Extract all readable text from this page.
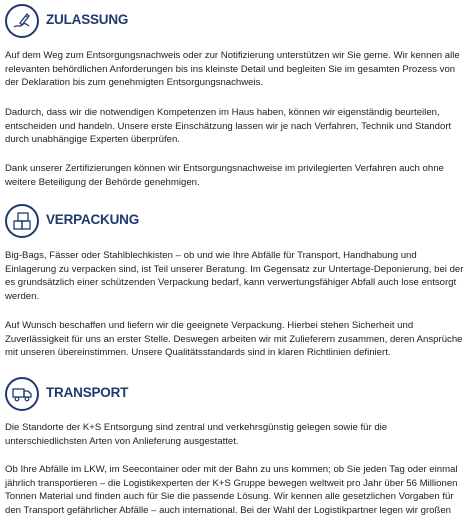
ZULASSUNG

Auf dem Weg zum Entsorgungsnachweis oder zur Notifizierung unterstützen wir Sie gerne. Wir kennen alle relevanten behördlichen Anforderungen bis ins kleinste Detail und begleiten Sie im gesamten Prozess von der Deklaration bis zum genehmigten Entsorgungsnachweis.

Dadurch, dass wir die notwendigen Kompetenzen im Haus haben, können wir eigenständig beurteilen, entscheiden und handeln. Unsere erste Einschätzung lassen wir je nach Verfahren, Technik und Standort durch unabhängige Experten überprüfen.

Dank unserer Zertifizierungen können wir Entsorgungsnachweise im privilegierten Verfahren auch ohne weitere Beteiligung der Behörde genehmigen.

VERPACKUNG

Big-Bags, Fässer oder Stahlblechkisten – ob und wie Ihre Abfälle für Transport, Handhabung und Einlagerung zu verpacken sind, ist Teil unserer Beratung. Im Gegensatz zur Untertage-Deponierung, bei der es grundsätzlich einer schützenden Verpackung bedarf, kann verwertungsfähiger Abfall auch lose entsorgt werden.

Auf Wunsch beschaffen und liefern wir die geeignete Verpackung. Hierbei stehen Sicherheit und Zuverlässigkeit für uns an erster Stelle. Deswegen arbeiten wir mit Zulieferern zusammen, deren Ansprüche mit unseren übereinstimmen. Unsere Qualitätsstandards sind in klaren Richtlinien definiert.

TRANSPORT

Die Standorte der K+S Entsorgung sind zentral und verkehrsgünstig gelegen sowie für die unterschiedlichsten Arten von Anlieferung ausgestattet.

Ob Ihre Abfälle im LKW, im Seecontainer oder mit der Bahn zu uns kommen; ob Sie jeden Tag oder einmal jährlich transportieren – die Logistikexperten der K+S Gruppe bewegen weltweit pro Jahr über 56 Millionen Tonnen Material und finden auch für Sie die passende Lösung. Wir kennen alle gesetzlichen Vorgaben für den Transport gefährlicher Abfälle – auch international. Bei der Wahl der Logistikpartner legen wir großen
